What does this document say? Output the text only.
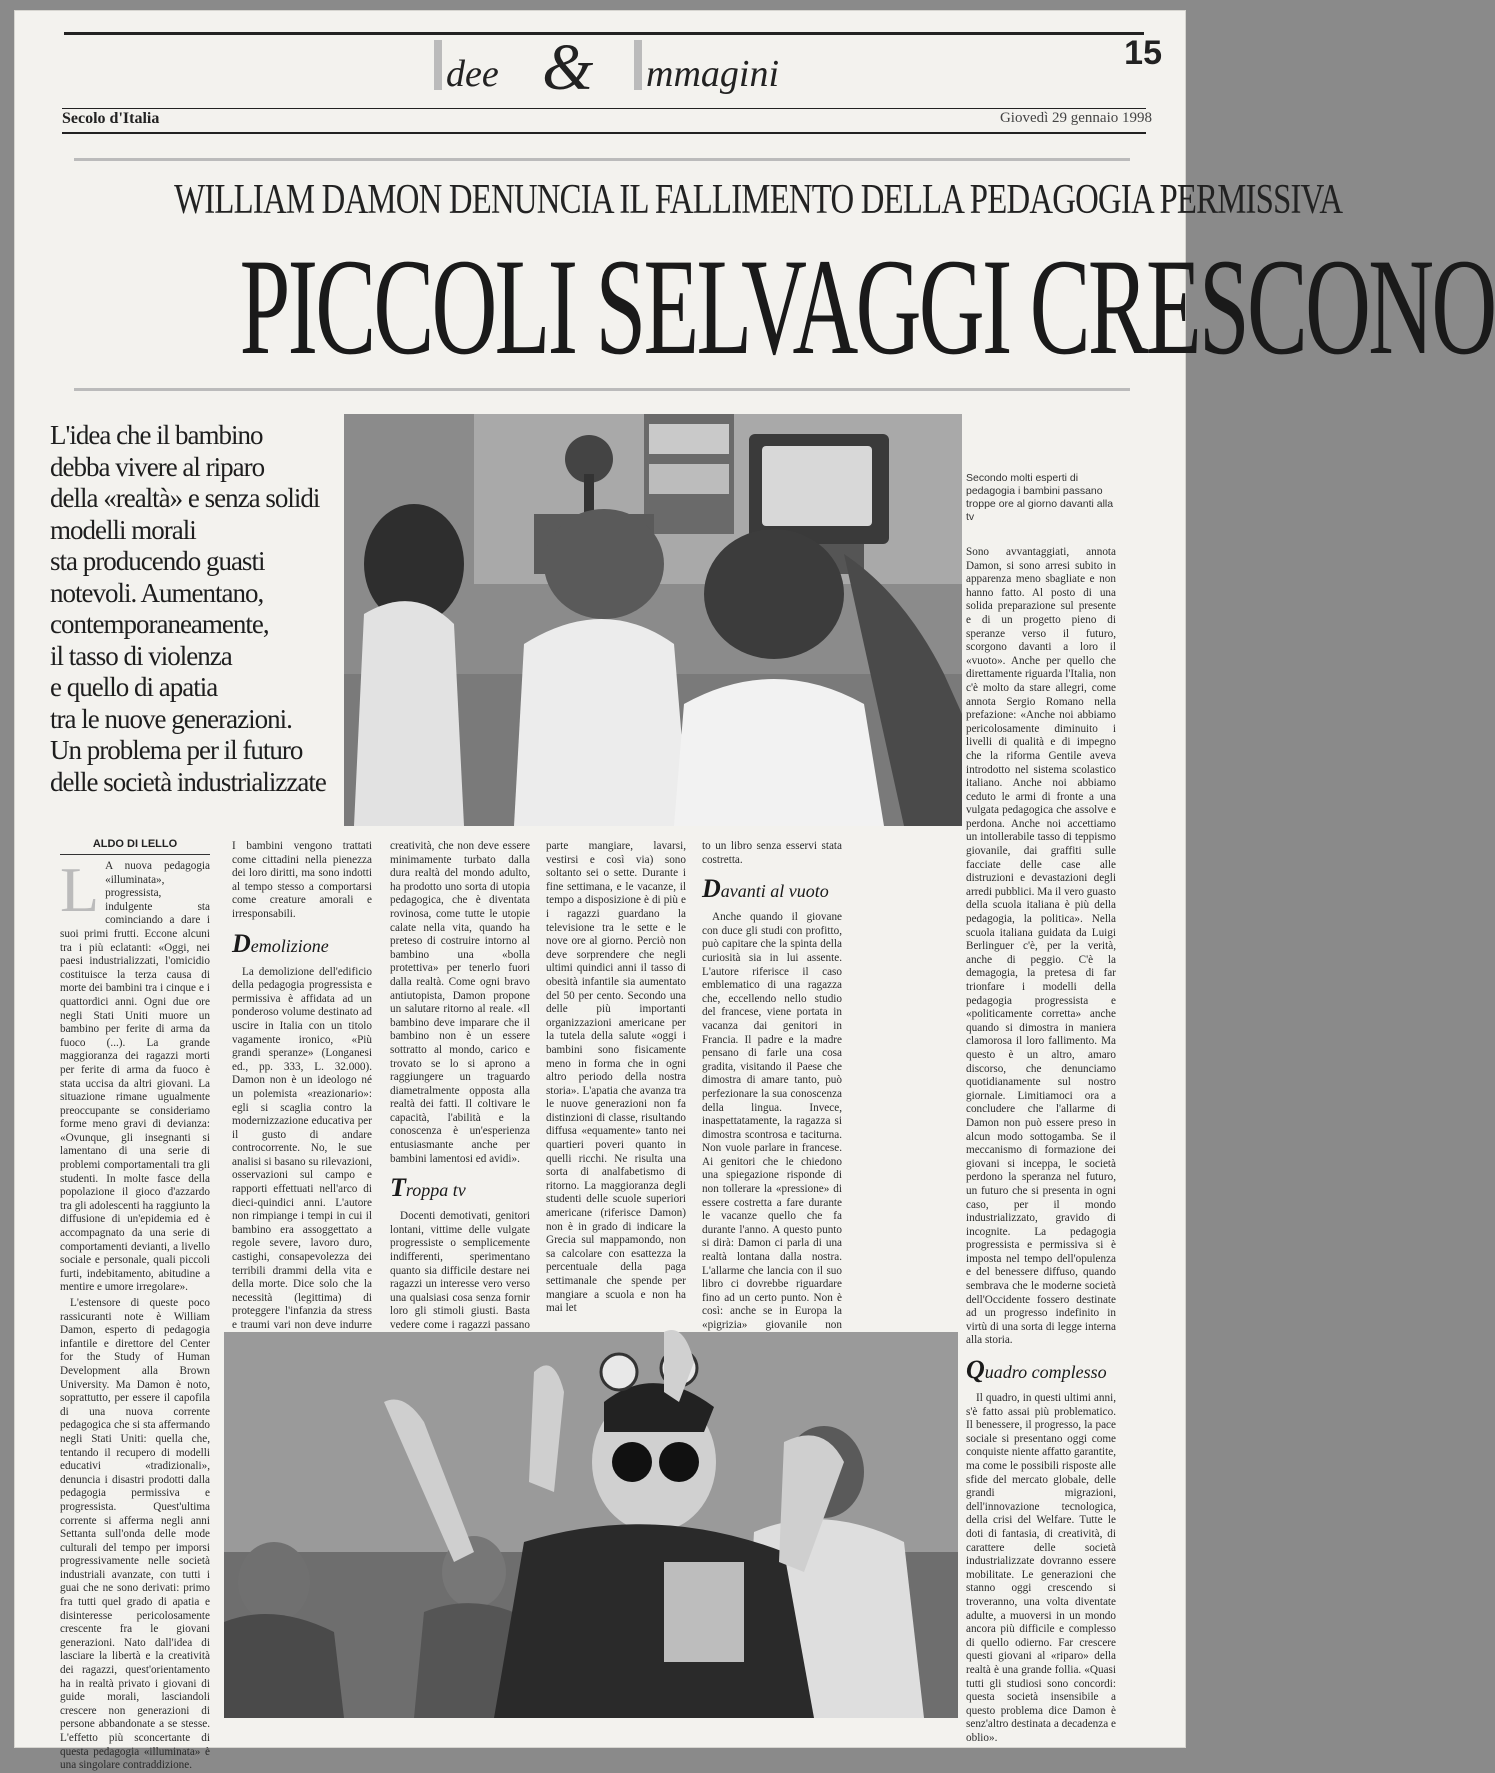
dee & mmagini	15
Secolo d'Italia	Giovedì 29 gennaio 1998
WILLIAM DAMON DENUNCIA IL FALLIMENTO DELLA PEDAGOGIA PERMISSIVA
PICCOLI SELVAGGI CRESCONO
L'idea che il bambino
debba vivere al riparo
della «realtà» e senza solidi
modelli morali
sta producendo guasti
notevoli. Aumentano,
contemporaneamente,
il tasso di violenza
e quello di apatia
tra le nuove generazioni.
Un problema per il futuro
delle società industrializzate
Secondo molti esperti di pedagogia i bambini passano troppe ore al giorno davanti alla tv
ALDO DI LELLO

L A nuova pedagogia «illuminata», progressista, indulgente sta cominciando a dare i suoi primi frutti. Eccone alcuni tra i più eclatanti: «Oggi, nei paesi industrializzati, l'omicidio costituisce la terza causa di morte dei bambini tra i cinque e i quattordici anni. Ogni due ore negli Stati Uniti muore un bambino per ferite di arma da fuoco (...). La grande maggioranza dei ragazzi morti per ferite di arma da fuoco è stata uccisa da altri giovani. La situazione rimane ugualmente preoccupante se consideriamo forme meno gravi di devianza: «Ovunque, gli insegnanti si lamentano di una serie di problemi comportamentali tra gli studenti. In molte fasce della popolazione il gioco d'azzardo tra gli adolescenti ha raggiunto la diffusione di un'epidemia ed è accompagnato da una serie di comportamenti devianti, a livello sociale e personale, quali piccoli furti, indebitamento, abitudine a mentire e umore irregolare».

L'estensore di queste poco rassicuranti note è William Damon, esperto di pedagogia infantile e direttore del Center for the Study of Human Development alla Brown University. Ma Damon è noto, soprattutto, per essere il capofila di una nuova corrente pedagogica che si sta affermando negli Stati Uniti: quella che, tentando il recupero di modelli educativi «tradizionali», denuncia i disastri prodotti dalla pedagogia permissiva e progressista. Quest'ultima corrente si afferma negli anni Settanta sull'onda delle mode culturali del tempo per imporsi progressivamente nelle società industriali avanzate, con tutti i guai che ne sono derivati: primo fra tutti quel grado di apatia e disinteresse pericolosamente crescente fra le giovani generazioni. Nato dall'idea di lasciare la libertà e la creatività dei ragazzi, quest'orientamento ha in realtà privato i giovani di guide morali, lasciandoli crescere non generazioni di persone abbandonate a se stesse. L'effetto più sconcertante di questa pedagogia «illuminata» è una singolare contraddizione.

I bambini vengono trattati come cittadini nella pienezza dei loro diritti, ma sono indotti al tempo stesso a comportarsi come creature amorali e irresponsabili.

Demolizione

La demolizione dell'edificio della pedagogia progressista e permissiva è affidata ad un ponderoso volume destinato ad uscire in Italia con un titolo vagamente ironico, «Più grandi speranze» (Longanesi ed., pp. 333, L. 32.000). Damon non è un ideologo né un polemista «reazionario»: egli si scaglia contro la modernizzazione educativa per il gusto di andare controcorrente. No, le sue analisi si basano su rilevazioni, osservazioni sul campo e rapporti effettuati nell'arco di dieci-quindici anni. L'autore non rimpiange i tempi in cui il bambino era assoggettato a regole severe, lavoro duro, castighi, consapevolezza dei terribili drammi della vita e della morte. Dice solo che la necessità (legittima) di proteggere l'infanzia da stress e traumi vari non deve indurre

creatività, che non deve essere minimamente turbato dalla dura realtà del mondo adulto, ha prodotto uno sorta di utopia pedagogica, che è diventata rovinosa, come tutte le utopie calate nella vita, quando ha preteso di costruire intorno al bambino una «bolla protettiva» per tenerlo fuori dalla realtà. Come ogni bravo antiutopista, Damon propone un salutare ritorno al reale. «Il bambino deve imparare che il bambino non è un essere sottratto al mondo, carico e trovato se lo si aprono a raggiungere un traguardo diametralmente opposta alla realtà dei fatti. Il coltivare le capacità, l'abilità e la conoscenza è un'esperienza entusiasmante anche per bambini lamentosi ed avidi».

Troppa tv

Docenti demotivati, genitori lontani, vittime delle vulgate progressiste o semplicemente indifferenti, sperimentano quanto sia difficile destare nei ragazzi un interesse vero verso una qualsiasi cosa senza fornir loro gli stimoli giusti. Basta vedere come i ragazzi passano

parte mangiare, lavarsi, vestirsi e così via) sono soltanto sei o sette. Durante i fine settimana, e le vacanze, il tempo a disposizione è di più e i ragazzi guardano la televisione tra le sette e le nove ore al giorno. Perciò non deve sorprendere che negli ultimi quindici anni il tasso di obesità infantile sia aumentato del 50 per cento. Secondo una delle più importanti organizzazioni americane per la tutela della salute «oggi i bambini sono fisicamente meno in forma che in ogni altro periodo della nostra storia». L'apatia che avanza tra le nuove generazioni non fa distinzioni di classe, risultando diffusa «equamente» tanto nei quartieri poveri quanto in quelli ricchi. Ne risulta una sorta di analfabetismo di ritorno. La maggioranza degli studenti delle scuole superiori americane (riferisce Damon) non è in grado di indicare la Grecia sul mappamondo, non sa calcolare con esattezza la percentuale della paga settimanale che spende per mangiare a scuola e non ha mai let

to un libro senza esservi stata costretta.

Davanti al vuoto

Anche quando il giovane con duce gli studi con profitto, può capitare che la spinta della curiosità sia in lui assente. L'autore riferisce il caso emblematico di una ragazza che, eccellendo nello studio del francese, viene portata in vacanza dai genitori in Francia. Il padre e la madre pensano di farle una cosa gradita, visitando il Paese che dimostra di amare tanto, può perfezionare la sua conoscenza della lingua. Invece, inaspettatamente, la ragazza si dimostra scontrosa e taciturna. Non vuole parlare in francese. Ai genitori che le chiedono una spiegazione risponde di non tollerare la «pressione» di essere costretta a fare durante le vacanze quello che fa durante l'anno. A questo punto si dirà: Damon ci parla di una realtà lontana dalla nostra. L'allarme che lancia con il suo libro ci dovrebbe riguardare fino ad un certo punto. Non è così: anche se in Europa la «pigrizia» giovanile non

Sono avvantaggiati, annota Damon, si sono arresi subito in apparenza meno sbagliate e non hanno fatto. Al posto di una solida preparazione sul presente e di un progetto pieno di speranze verso il futuro, scorgono davanti a loro il «vuoto». Anche per quello che direttamente riguarda l'Italia, non c'è molto da stare allegri, come annota Sergio Romano nella prefazione: «Anche noi abbiamo pericolosamente diminuito i livelli di qualità e di impegno che la riforma Gentile aveva introdotto nel sistema scolastico italiano. Anche noi abbiamo ceduto le armi di fronte a una vulgata pedagogica che assolve e perdona. Anche noi accettiamo un intollerabile tasso di teppismo giovanile, dai graffiti sulle facciate delle case alle distruzioni e devastazioni degli arredi pubblici. Ma il vero guasto della scuola italiana è più della pedagogia, la politica». Nella scuola italiana guidata da Luigi Berlinguer c'è, per la verità, anche di peggio. C'è la demagogia, la pretesa di far trionfare i modelli della pedagogia progressista e «politicamente corretta» anche quando si dimostra in maniera clamorosa il loro fallimento. Ma questo è un altro, amaro discorso, che denunciamo quotidianamente sul nostro giornale. Limitiamoci ora a concludere che l'allarme di Damon non può essere preso in alcun modo sottogamba. Se il meccanismo di formazione dei giovani si inceppa, le società perdono la speranza nel futuro, un futuro che si presenta in ogni caso, per il mondo industrializzato, gravido di incognite. La pedagogia progressista e permissiva si è imposta nel tempo dell'opulenza e del benessere diffuso, quando sembrava che le moderne società dell'Occidente fossero destinate ad un progresso indefinito in virtù di una sorta di legge interna alla storia.

Quadro complesso

Il quadro, in questi ultimi anni, s'è fatto assai più problematico. Il benessere, il progresso, la pace sociale si presentano oggi come conquiste niente affatto garantite, ma come le possibili risposte alle sfide del mercato globale, delle grandi migrazioni, dell'innovazione tecnologica, della crisi del Welfare. Tutte le doti di fantasia, di creatività, di carattere delle società industrializzate dovranno essere mobilitate. Le generazioni che stanno oggi crescendo si troveranno, una volta diventate adulte, a muoversi in un mondo ancora più difficile e complesso di quello odierno. Far crescere questi giovani al «riparo» della realtà è una grande follia. «Quasi tutti gli studiosi sono concordi: questa società insensibile a questo problema dice Damon è senz'altro destinata a decadenza e oblio».
